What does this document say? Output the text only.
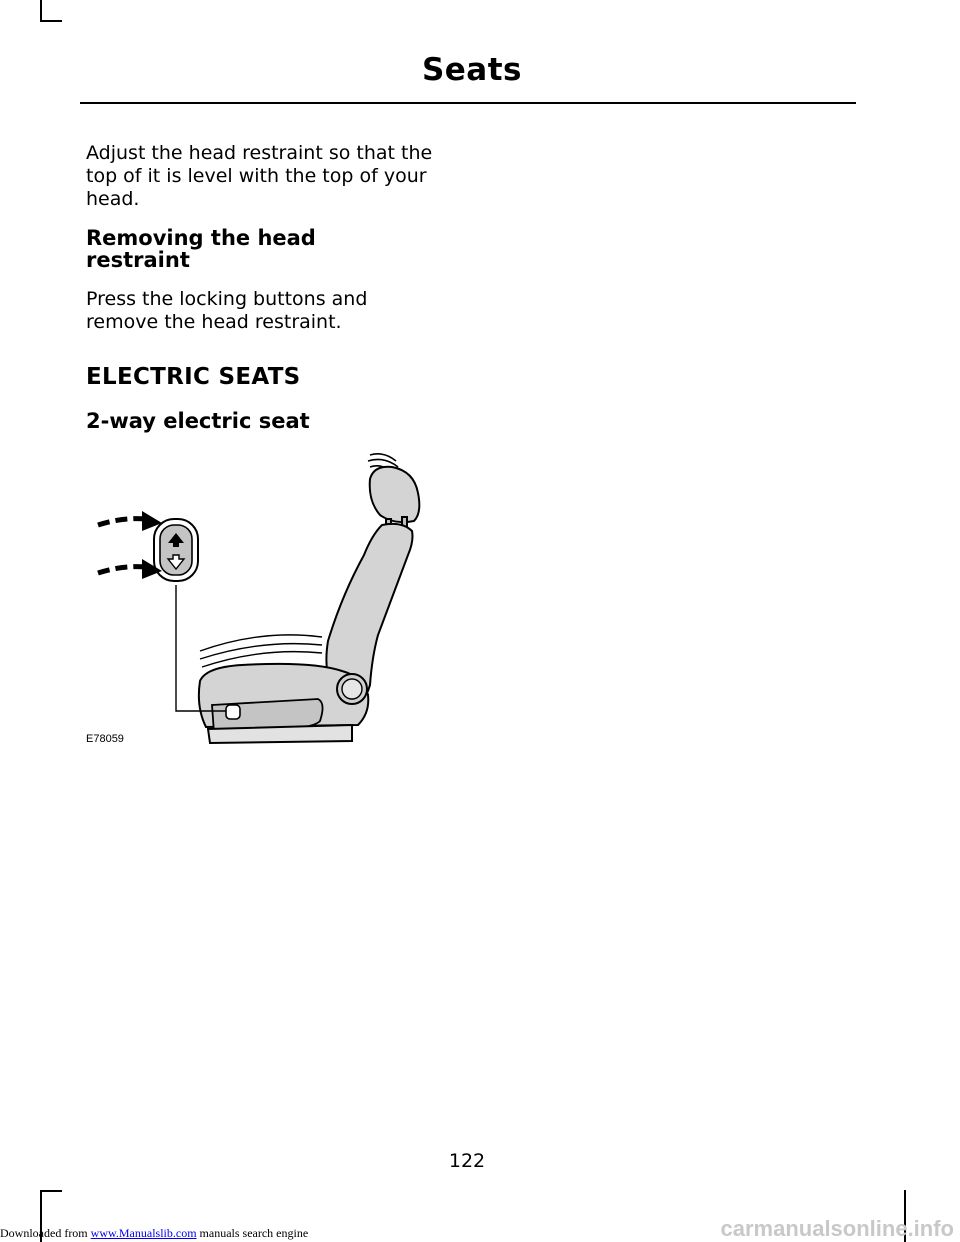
Seats

Adjust the head restraint so that the top of it is level with the top of your head.

Removing the head restraint

Press the locking buttons and remove the head restraint.

ELECTRIC SEATS

2-way electric seat

E78059
122
Downloaded from www.Manualslib.com manuals search engine	carmanualsonline.info
